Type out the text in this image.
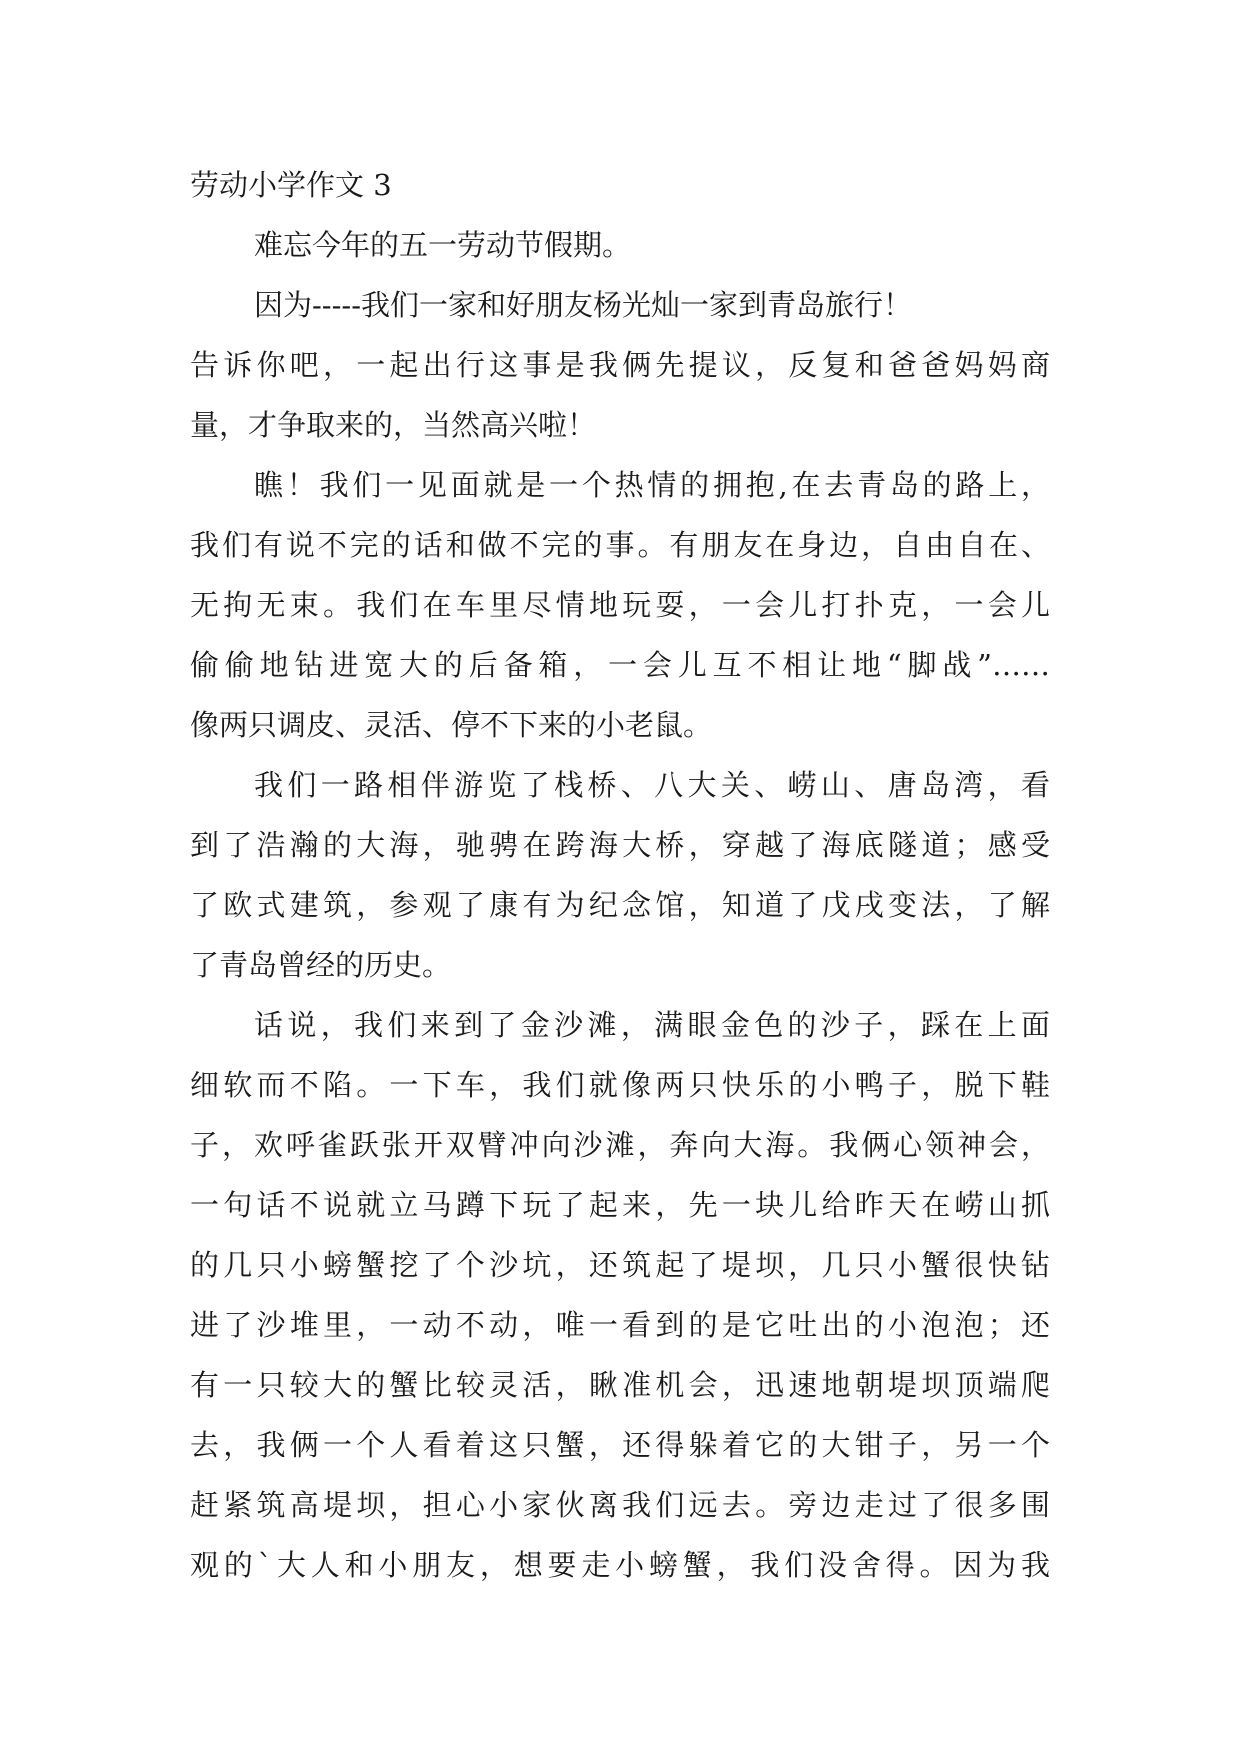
劳动小学作文 3

难忘今年的五一劳动节假期。

因为-----我们一家和好朋友杨光灿一家到青岛旅行！
告诉你吧，一起出行这事是我俩先提议，反复和爸爸妈妈商
量，才争取来的，当然高兴啦！

瞧！我们一见面就是一个热情的拥抱,在去青岛的路上，
我们有说不完的话和做不完的事。有朋友在身边，自由自在、
无拘无束。我们在车里尽情地玩耍，一会儿打扑克，一会儿
偷偷地钻进宽大的后备箱，一会儿互不相让地“脚战”……
像两只调皮、灵活、停不下来的小老鼠。

我们一路相伴游览了栈桥、八大关、崂山、唐岛湾，看
到了浩瀚的大海，驰骋在跨海大桥，穿越了海底隧道；感受
了欧式建筑，参观了康有为纪念馆，知道了戊戌变法，了解
了青岛曾经的历史。

话说，我们来到了金沙滩，满眼金色的沙子，踩在上面
细软而不陷。一下车，我们就像两只快乐的小鸭子，脱下鞋
子，欢呼雀跃张开双臂冲向沙滩，奔向大海。我俩心领神会，
一句话不说就立马蹲下玩了起来，先一块儿给昨天在崂山抓
的几只小螃蟹挖了个沙坑，还筑起了堤坝，几只小蟹很快钻
进了沙堆里，一动不动，唯一看到的是它吐出的小泡泡；还
有一只较大的蟹比较灵活，瞅准机会，迅速地朝堤坝顶端爬
去，我俩一个人看着这只蟹，还得躲着它的大钳子，另一个
赶紧筑高堤坝，担心小家伙离我们远去。旁边走过了很多围
观的`大人和小朋友，想要走小螃蟹，我们没舍得。因为我
